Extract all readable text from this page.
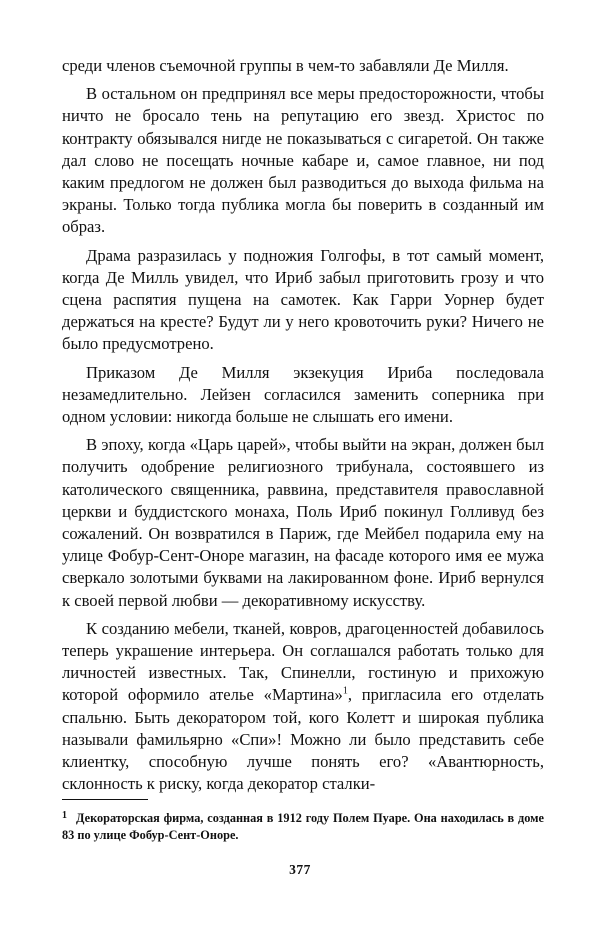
среди членов съемочной группы в чем-то забавляли Де Милля.

В остальном он предпринял все меры предосторожности, чтобы ничто не бросало тень на репутацию его звезд. Христос по контракту обязывался нигде не показываться с сигаретой. Он также дал слово не посещать ночные кабаре и, самое главное, ни под каким предлогом не должен был разводиться до выхода фильма на экраны. Только тогда публика могла бы поверить в созданный им образ.

Драма разразилась у подножия Голгофы, в тот самый момент, когда Де Милль увидел, что Ириб забыл приготовить грозу и что сцена распятия пущена на самотек. Как Гарри Уорнер будет держаться на кресте? Будут ли у него кровоточить руки? Ничего не было предусмотрено.

Приказом Де Милля экзекуция Ириба последовала незамедлительно. Лейзен согласился заменить соперника при одном условии: никогда больше не слышать его имени.

В эпоху, когда «Царь царей», чтобы выйти на экран, должен был получить одобрение религиозного трибунала, состоявшего из католического священника, раввина, представителя православной церкви и буддистского монаха, Поль Ириб покинул Голливуд без сожалений. Он возвратился в Париж, где Мейбел подарила ему на улице Фобур-Сент-Оноре магазин, на фасаде которого имя ее мужа сверкало золотыми буквами на лакированном фоне. Ириб вернулся к своей первой любви — декоративному искусству.

К созданию мебели, тканей, ковров, драгоценностей добавилось теперь украшение интерьера. Он соглашался работать только для личностей известных. Так, Спинелли, гостиную и прихожую которой оформило ателье «Мартина»$^1$, пригласила его отделать спальню. Быть декоратором той, кого Колетт и широкая публика называли фамильярно «Спи»! Можно ли было представить себе клиентку, способную лучше понять его? «Авантюрность, склонность к риску, когда декоратор сталки-

1 Декораторская фирма, созданная в 1912 году Полем Пуаре. Она находилась в доме 83 по улице Фобур-Сент-Оноре.
377
